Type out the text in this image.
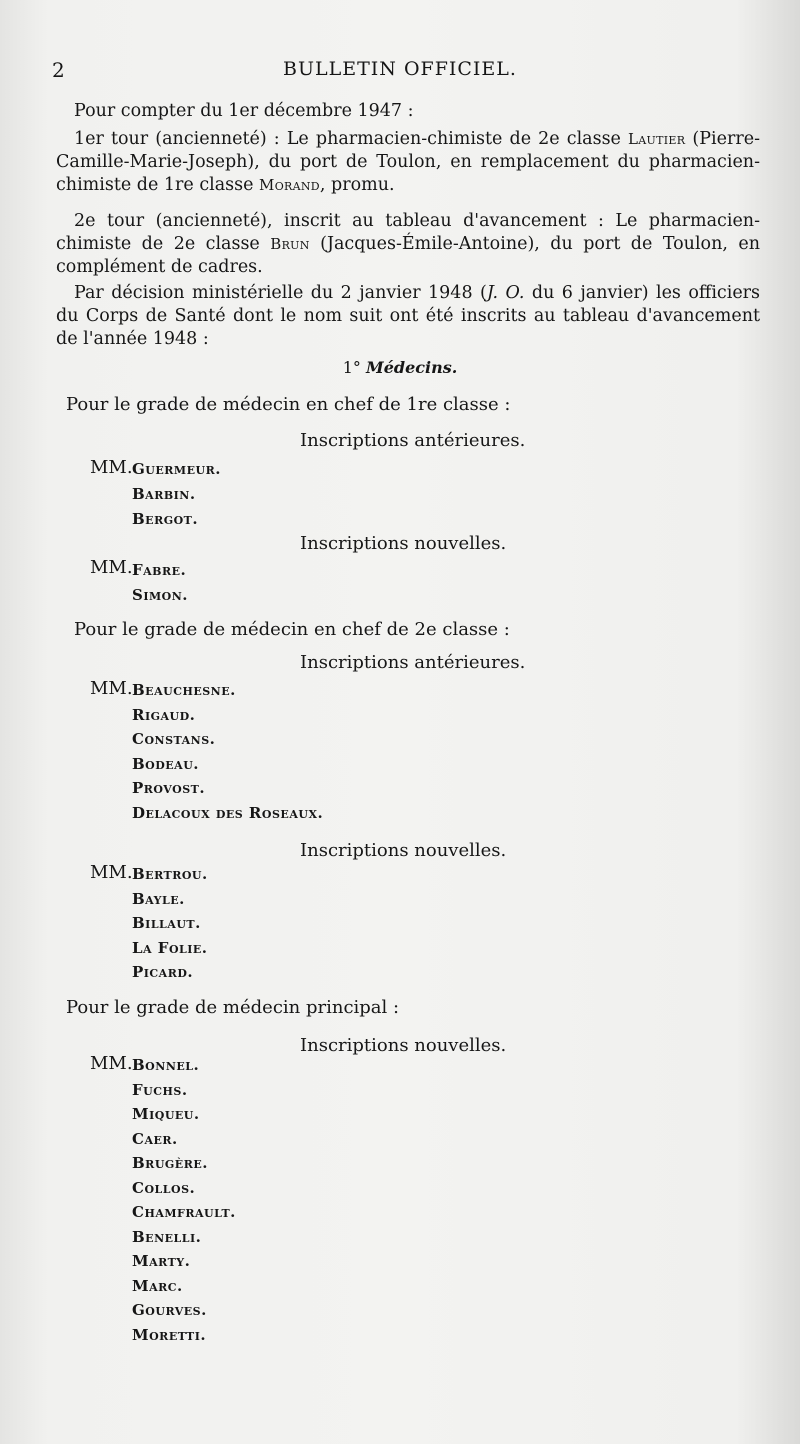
2	BULLETIN OFFICIEL.
Pour compter du 1er décembre 1947 :
1er tour (ancienneté) : Le pharmacien-chimiste de 2e classe Lautier (Pierre-Camille-Marie-Joseph), du port de Toulon, en remplacement du pharmacien-chimiste de 1re classe Morand, promu.
2e tour (ancienneté), inscrit au tableau d'avancement : Le pharmacien-chimiste de 2e classe Brun (Jacques-Émile-Antoine), du port de Toulon, en complément de cadres.
Par décision ministérielle du 2 janvier 1948 (J. O. du 6 janvier) les officiers du Corps de Santé dont le nom suit ont été inscrits au tableau d'avancement de l'année 1948 :
1° Médecins.
Pour le grade de médecin en chef de 1re classe :
Inscriptions antérieures.
MM. Guermeur.
Barbin.
Bergot.
Inscriptions nouvelles.
MM. Fabre.
Simon.
Pour le grade de médecin en chef de 2e classe :
Inscriptions antérieures.
MM. Beauchesne.
Rigaud.
Constans.
Bodeau.
Provost.
Delacoux des Roseaux.
Inscriptions nouvelles.
MM. Bertrou.
Bayle.
Billaut.
La Folie.
Picard.
Pour le grade de médecin principal :
Inscriptions nouvelles.
MM. Bonnel.
Fuchs.
Miqueu.
Caer.
Brugère.
Collos.
Chamfrault.
Benelli.
Marty.
Marc.
Gourves.
Moretti.
